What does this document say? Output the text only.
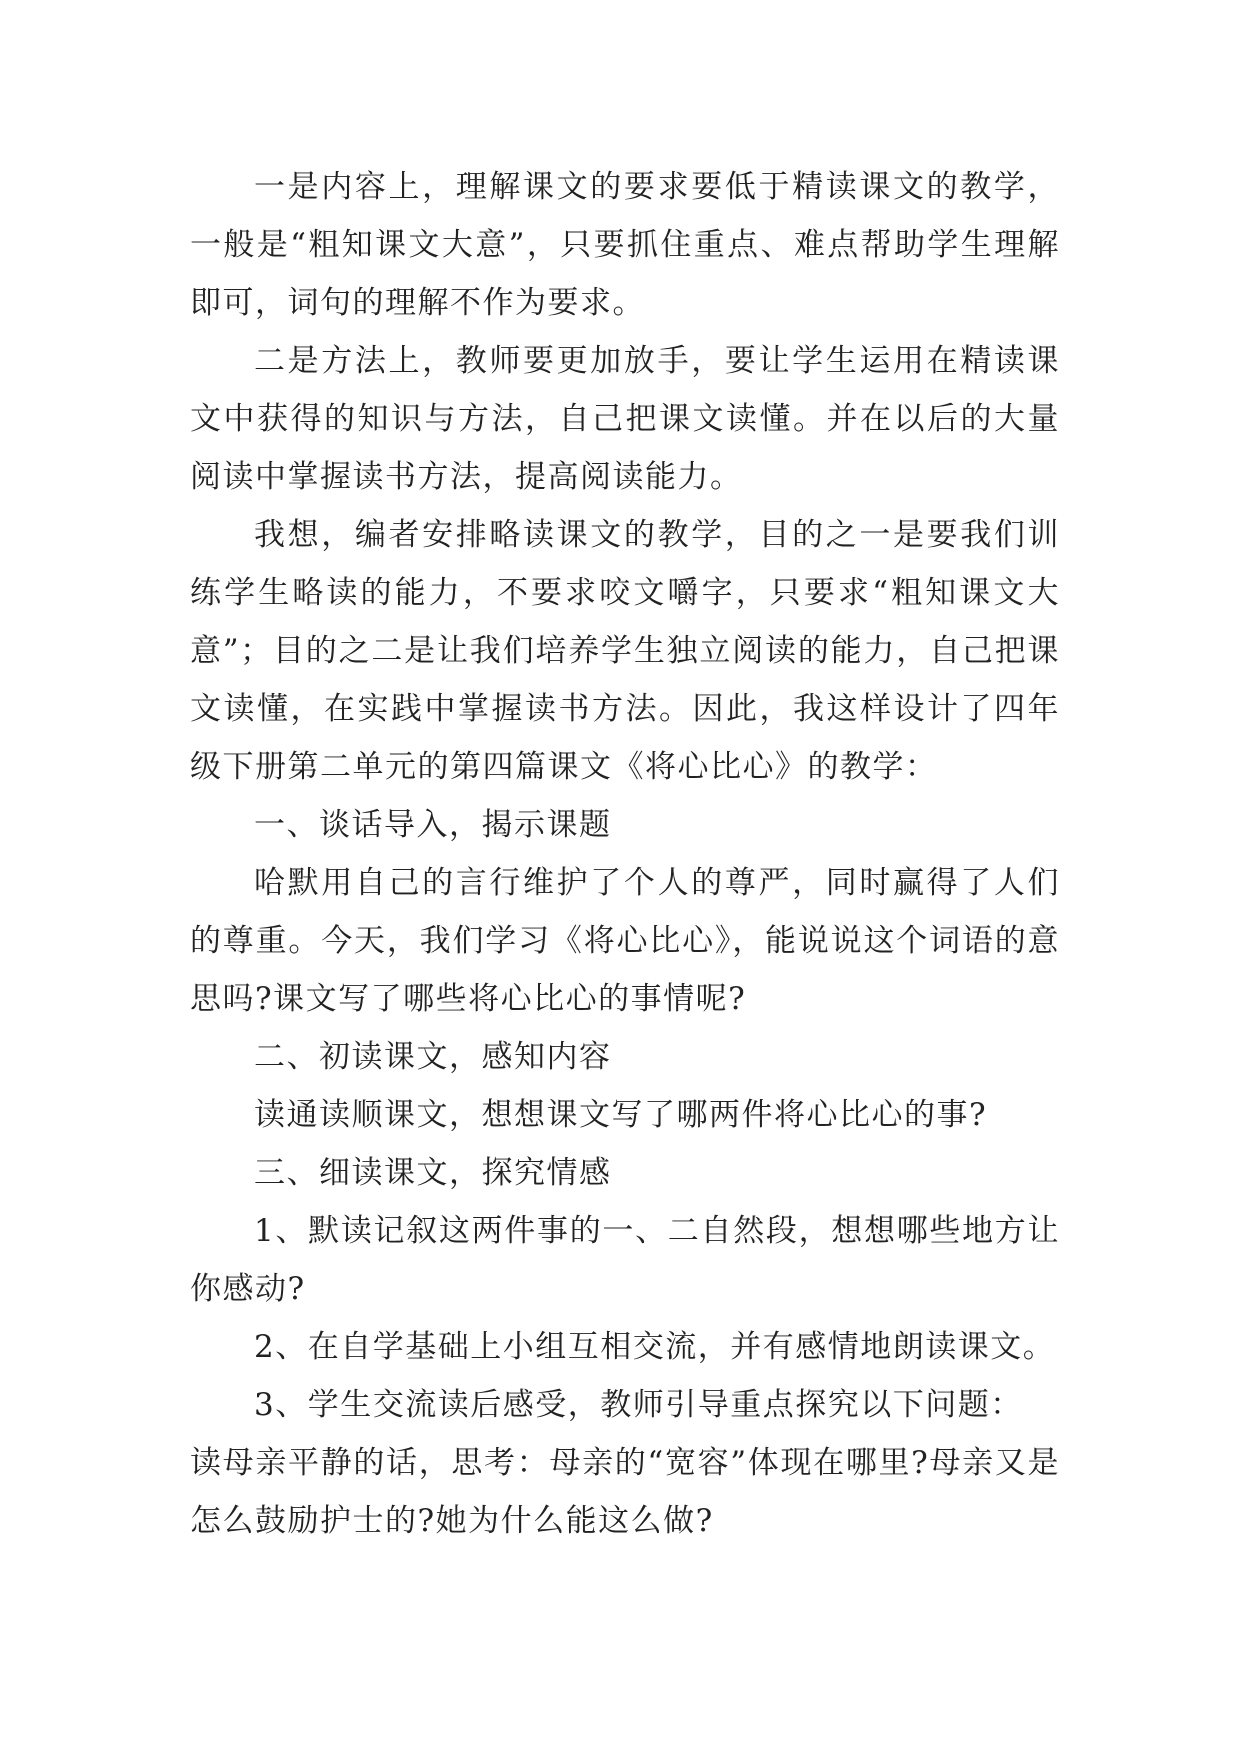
一是内容上，理解课文的要求要低于精读课文的教学，一般是“粗知课文大意”，只要抓住重点、难点帮助学生理解即可，词句的理解不作为要求。

二是方法上，教师要更加放手，要让学生运用在精读课文中获得的知识与方法，自己把课文读懂。并在以后的大量阅读中掌握读书方法，提高阅读能力。

我想，编者安排略读课文的教学，目的之一是要我们训练学生略读的能力，不要求咬文嚼字，只要求“粗知课文大意”；目的之二是让我们培养学生独立阅读的能力，自己把课文读懂，在实践中掌握读书方法。因此，我这样设计了四年级下册第二单元的第四篇课文《将心比心》的教学：

一、谈话导入，揭示课题

哈默用自己的言行维护了个人的尊严，同时赢得了人们的尊重。今天，我们学习《将心比心》，能说说这个词语的意思吗?课文写了哪些将心比心的事情呢?

二、初读课文，感知内容

读通读顺课文，想想课文写了哪两件将心比心的事?

三、细读课文，探究情感

1、默读记叙这两件事的一、二自然段，想想哪些地方让你感动?

2、在自学基础上小组互相交流，并有感情地朗读课文。

3、学生交流读后感受，教师引导重点探究以下问题：

读母亲平静的话，思考：母亲的“宽容”体现在哪里?母亲又是怎么鼓励护士的?她为什么能这么做?
